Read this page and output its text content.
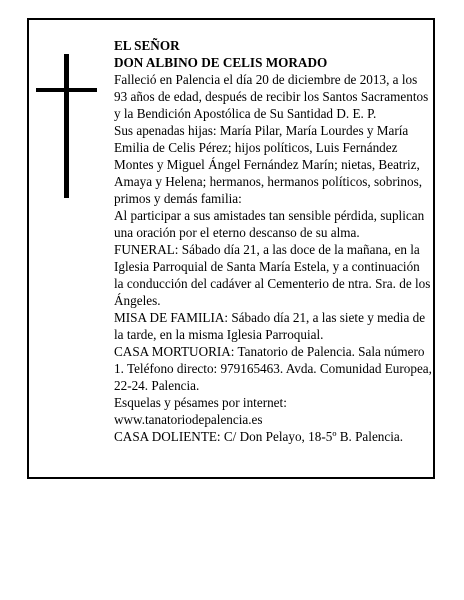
EL SEÑOR

DON ALBINO DE CELIS MORADO

Falleció en Palencia el día 20 de diciembre de 2013, a los 93 años de edad, después de recibir los Santos Sacramentos y la Bendición Apostólica de Su Santidad D. E. P.

Sus apenadas hijas: María Pilar, María Lourdes y María Emilia de Celis Pérez; hijos políticos, Luis Fernández Montes y Miguel Ángel Fernández Marín; nietas, Beatriz, Amaya y Helena; hermanos, hermanos políticos, sobrinos, primos y demás familia:

Al participar a sus amistades tan sensible pérdida, suplican una oración por el eterno descanso de su alma.

FUNERAL: Sábado día 21, a las doce de la mañana, en la Iglesia Parroquial de Santa María Estela, y a continuación la conducción del cadáver al Cementerio de ntra. Sra. de los Ángeles.

MISA DE FAMILIA: Sábado día 21, a las siete y media de la tarde, en la misma Iglesia Parroquial.

CASA MORTUORIA: Tanatorio de Palencia. Sala número 1. Teléfono directo: 979165463. Avda. Comunidad Europea, 22-24. Palencia.

Esquelas y pésames por internet:

www.tanatoriodepalencia.es

CASA DOLIENTE: C/ Don Pelayo, 18-5º B. Palencia.
